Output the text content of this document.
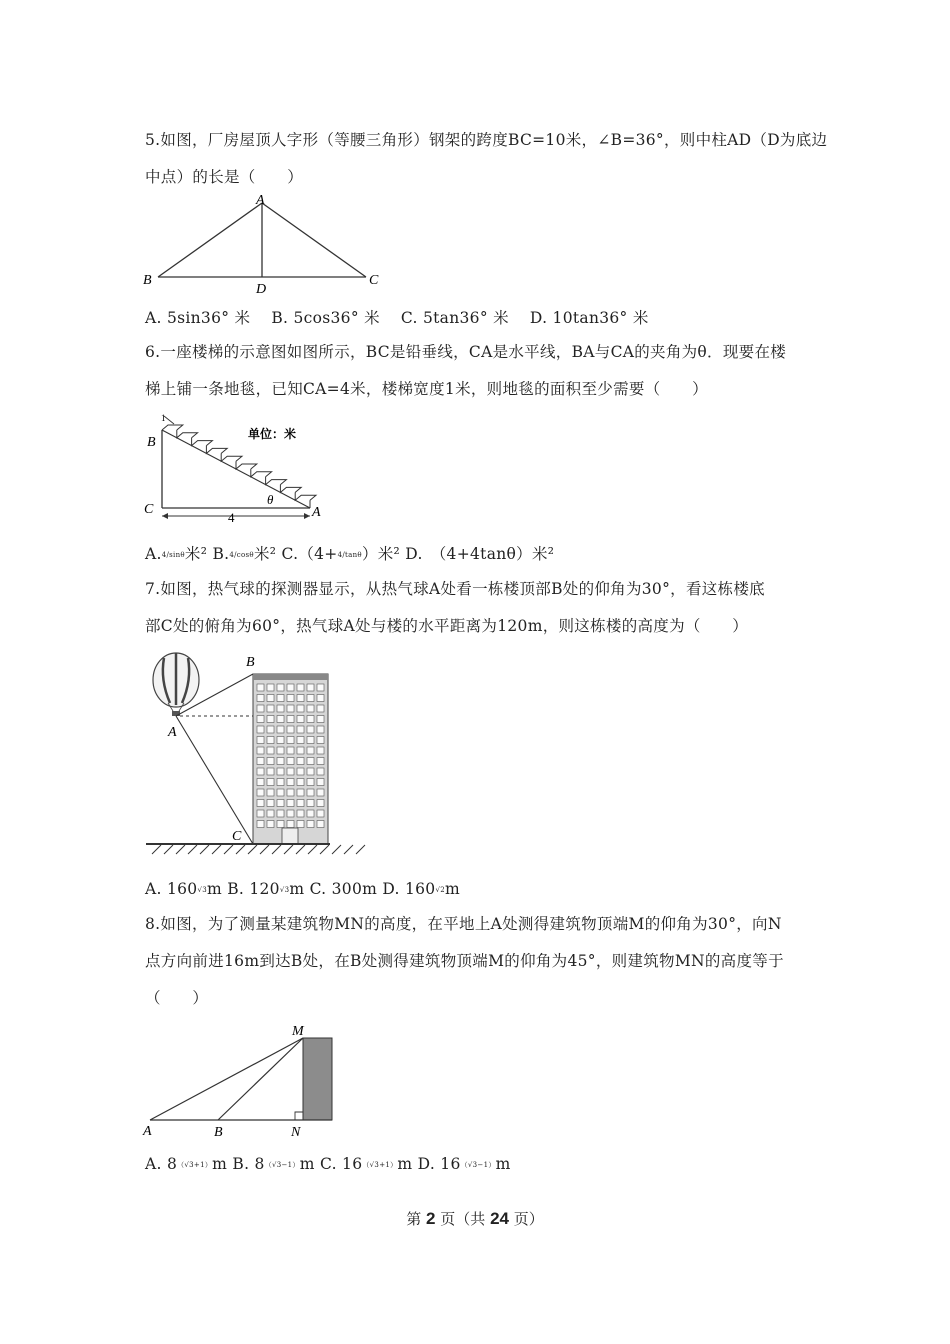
5.如图，厂房屋顶人字形（等腰三角形）钢架的跨度BC=10米，∠B=36°，则中柱AD（D为底边
中点）的长是（　　）
A
B	C
D
A. 5sin36° 米　 B. 5cos36° 米　 C. 5tan36° 米　 D. 10tan36° 米
6.一座楼梯的示意图如图所示，BC是铅垂线，CA是水平线，BA与CA的夹角为θ．现要在楼
梯上铺一条地毯，已知CA=4米，楼梯宽度1米，则地毯的面积至少需要（　　）
1
B
C	A
θ
4
单位：米
A.4/sinθ米² B.4/cosθ米² C.（4+4/tanθ）米² D.　（4+4tanθ）米²
7.如图，热气球的探测器显示，从热气球A处看一栋楼顶部B处的仰角为30°，看这栋楼底
部C处的俯角为60°，热气球A处与楼的水平距离为120m，则这栋楼的高度为（　　）
B
A
C
A. 160√3m B. 120√3m C. 300m D. 160√2m
8.如图，为了测量某建筑物MN的高度，在平地上A处测得建筑物顶端M的仰角为30°，向N
点方向前进16m到达B处，在B处测得建筑物顶端M的仰角为45°，则建筑物MN的高度等于
（　　）
M
A	B	N
A. 8（√3+1）m B. 8（√3−1）m C. 16（√3+1）m D. 16（√3−1）m
第 2 页（共 24 页）
